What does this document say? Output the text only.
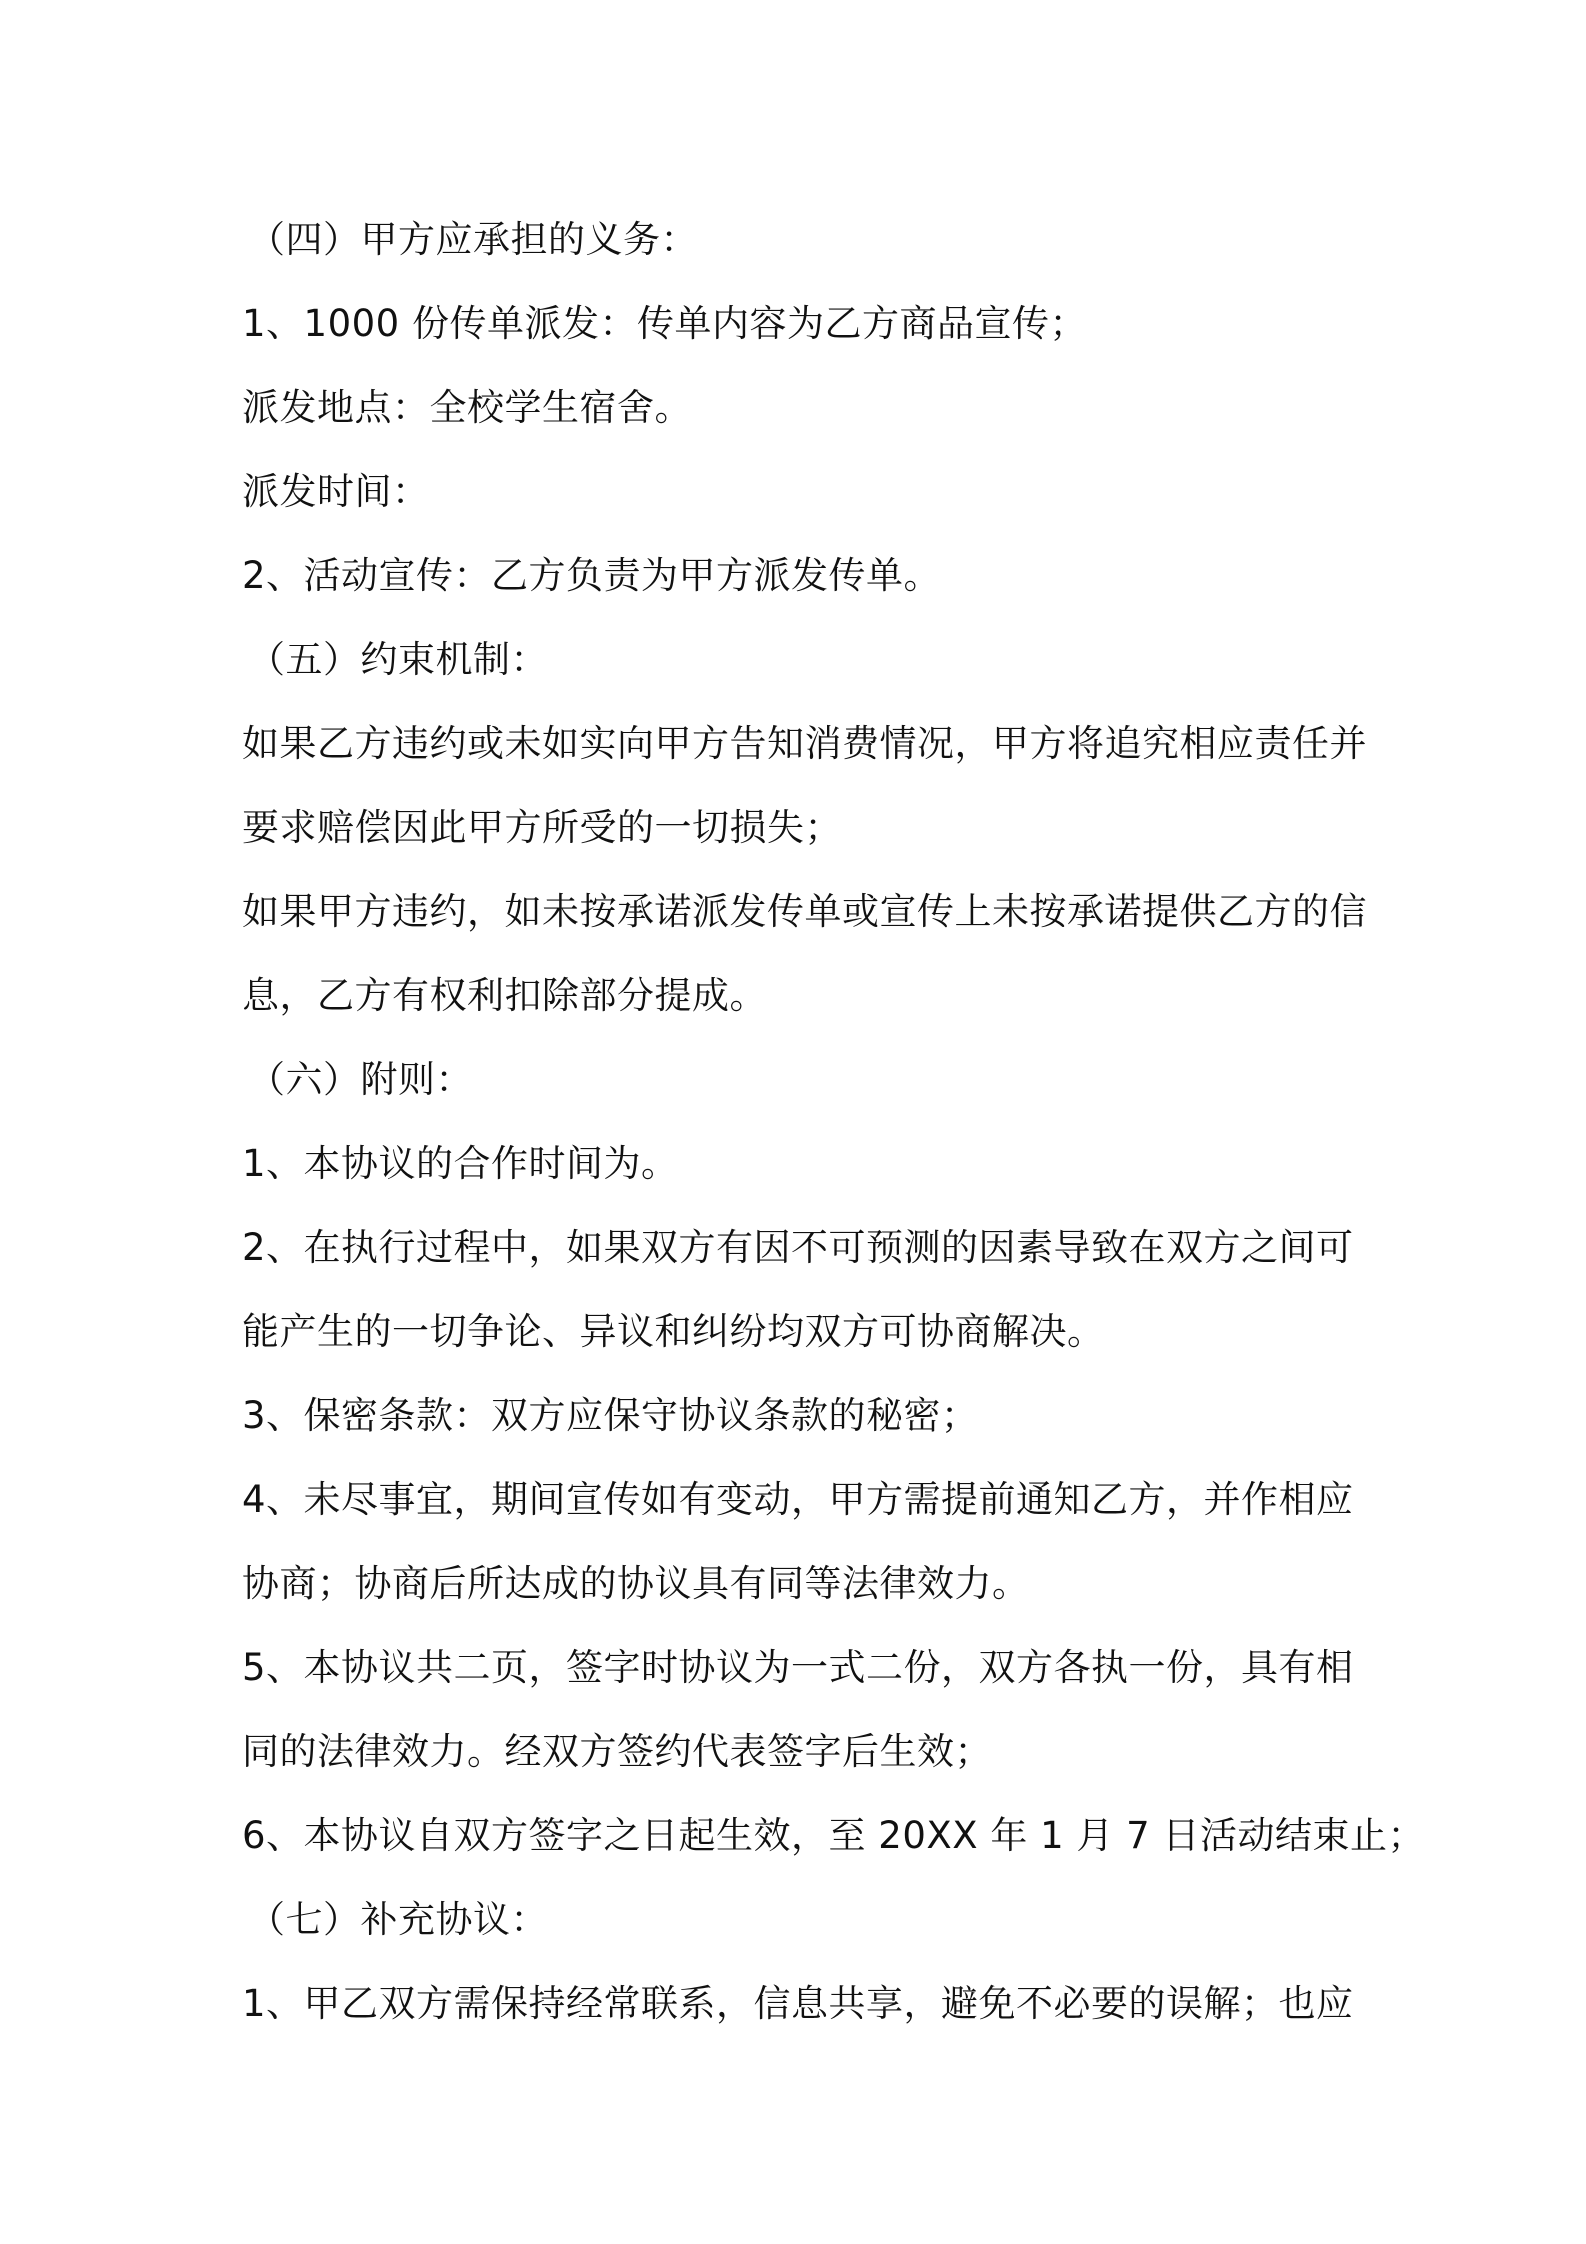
（四）甲方应承担的义务：
1、1000 份传单派发：传单内容为乙方商品宣传；
派发地点：全校学生宿舍。
派发时间：
2、活动宣传：乙方负责为甲方派发传单。
（五）约束机制：
如果乙方违约或未如实向甲方告知消费情况，甲方将追究相应责任并
要求赔偿因此甲方所受的一切损失；
如果甲方违约，如未按承诺派发传单或宣传上未按承诺提供乙方的信
息，乙方有权利扣除部分提成。
（六）附则：
1、本协议的合作时间为。
2、在执行过程中，如果双方有因不可预测的因素导致在双方之间可
能产生的一切争论、异议和纠纷均双方可协商解决。
3、保密条款：双方应保守协议条款的秘密；
4、未尽事宜，期间宣传如有变动，甲方需提前通知乙方，并作相应
协商；协商后所达成的协议具有同等法律效力。
5、本协议共二页，签字时协议为一式二份，双方各执一份，具有相
同的法律效力。经双方签约代表签字后生效；
6、本协议自双方签字之日起生效，至 20XX 年 1 月 7 日活动结束止；
（七）补充协议：
1、甲乙双方需保持经常联系，信息共享，避免不必要的误解；也应
